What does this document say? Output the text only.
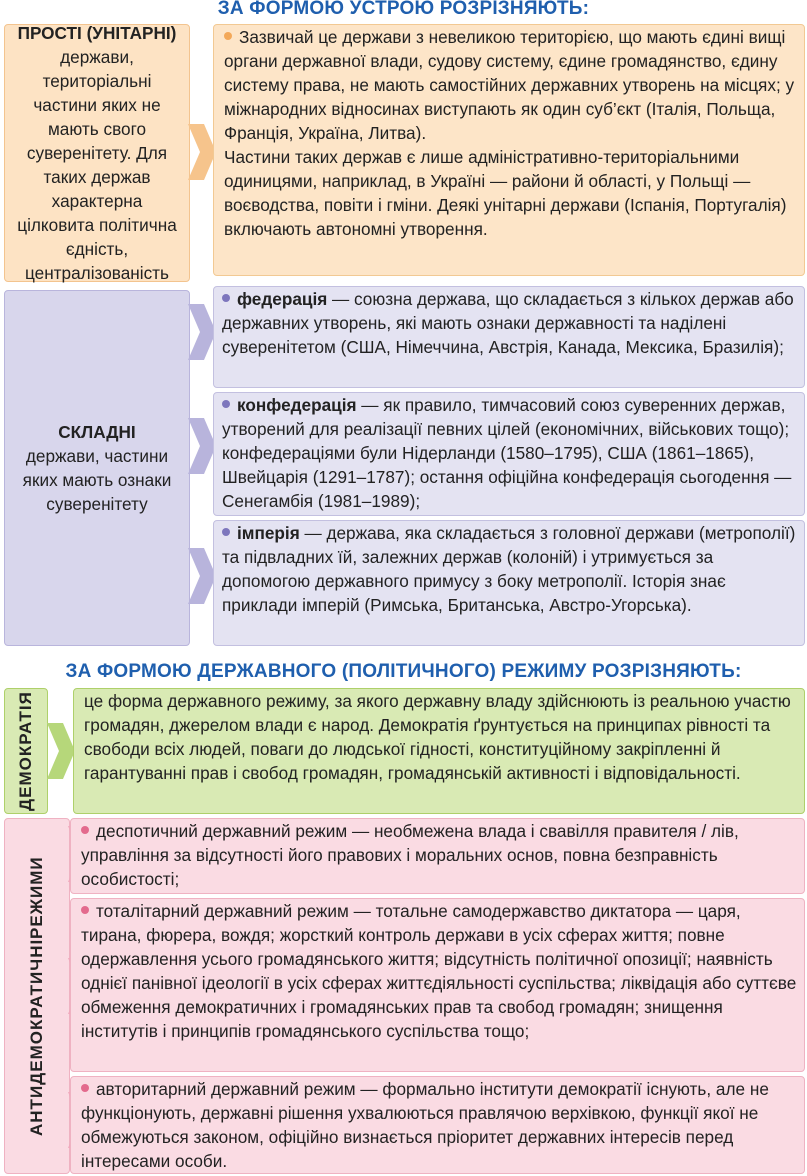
ЗА ФОРМОЮ УСТРОЮ РОЗРІЗНЯЮТЬ:
ПРОСТІ (УНІТАРНІ)
держави, територіальні частини яких не мають свого суверенітету. Для таких держав характерна цілковита політична єдність, централізованість

Зазвичай це держави з невеликою територією, що мають єдині вищі органи державної влади, судову систему, єдине громадянство, єдину систему права, не мають самостійних державних утворень на місцях; у міжнародних відносинах виступають як один суб’єкт (Італія, Польща, Франція, Україна, Литва).

Частини таких держав є лише адміністративно-територіальними одиницями, наприклад, в Україні — райони й області, у Польщі — воєводства, повіти і гміни. Деякі унітарні держави (Іспанія, Португалія) включають автономні утворення.

СКЛАДНІ
держави, частини яких мають ознаки суверенітету
федерація — союзна держава, що складається з кількох держав або державних утворень, які мають ознаки державності та наділені суверенітетом (США, Німеччина, Австрія, Канада, Мексика, Бразилія);
конфедерація — як правило, тимчасовий союз суверенних держав, утворений для реалізації певних цілей (економічних, військових тощо); конфедераціями були Нідерланди (1580–1795), США (1861–1865), Швейцарія (1291–1787); остання офіційна конфедерація сьогодення — Сенегамбія (1981–1989);
імперія — держава, яка складається з головної держави (метрополії) та підвладних їй, залежних держав (колоній) і утримується за допомогою державного примусу з боку метрополії. Історія знає приклади імперій (Римська, Британська, Австро-Угорська).
ЗА ФОРМОЮ ДЕРЖАВНОГО (ПОЛІТИЧНОГО) РЕЖИМУ РОЗРІЗНЯЮТЬ:
ДЕМОКРАТІЯ	це форма державного режиму, за якого державну владу здійснюють із реальною участю громадян, джерелом влади є народ. Демократія ґрунтується на принципах рівності та свободи всіх людей, поваги до людської гідності, конституційному закріпленні й гарантуванні прав і свобод громадян, громадянській активності і відповідальності.
АНТИДЕМОКРАТИЧНІ
РЕЖИМИ
деспотичний державний режим — необмежена влада і свавілля правителя / лів, управління за відсутності його правових і моральних основ, повна безправність особистості;
тоталітарний державний режим — тотальне самодержавство диктатора — царя, тирана, фюрера, вождя; жорсткий контроль держави в усіх сферах життя; повне одержавлення усього громадянського життя; відсутність політичної опозиції; наявність однієї панівної ідеології в усіх сферах життєдіяльності суспільства; ліквідація або суттєве обмеження демократичних і громадянських прав та свобод громадян; знищення інститутів і принципів громадянського суспільства тощо;
авторитарний державний режим — формально інститути демократії існують, але не функціонують, державні рішення ухвалюються правлячою верхівкою, функції якої не обмежуються законом, офіційно визнається пріоритет державних інтересів перед інтересами особи.
